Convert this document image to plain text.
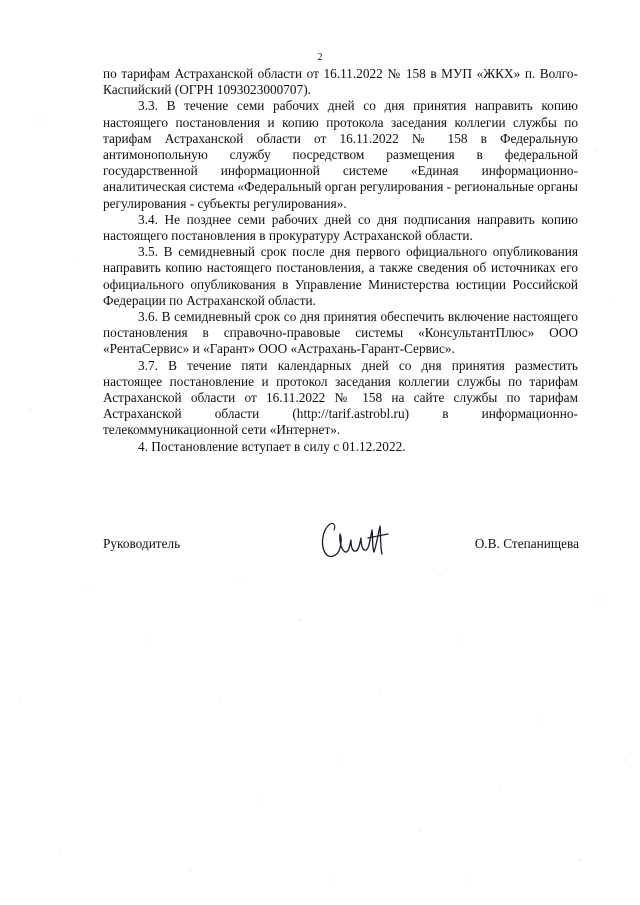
2

по тарифам Астраханской области от 16.11.2022 № 158 в МУП «ЖКХ» п. Волго-Каспийский (ОГРН 1093023000707).

3.3. В течение семи рабочих дней со дня принятия направить копию настоящего постановления и копию протокола заседания коллегии службы по тарифам Астраханской области от 16.11.2022 № 158 в Федеральную антимонопольную службу посредством размещения в федеральной государственной информационной системе «Единая информационно-аналитическая система «Федеральный орган регулирования - региональные органы регулирования - субъекты регулирования».

3.4. Не позднее семи рабочих дней со дня подписания направить копию настоящего постановления в прокуратуру Астраханской области.

3.5. В семидневный срок после дня первого официального опубликования направить копию настоящего постановления, а также сведения об источниках его официального опубликования в Управление Министерства юстиции Российской Федерации по Астраханской области.

3.6. В семидневный срок со дня принятия обеспечить включение настоящего постановления в справочно-правовые системы «КонсультантПлюс» ООО «РентаСервис» и «Гарант» ООО «Астрахань-Гарант-Сервис».

3.7. В течение пяти календарных дней со дня принятия разместить настоящее постановление и протокол заседания коллегии службы по тарифам Астраханской области от 16.11.2022 № 158 на сайте службы по тарифам Астраханской области (http://tarif.astrobl.ru) в информационно-телекоммуникационной сети «Интернет».

4. Постановление вступает в силу с 01.12.2022.

Руководитель	О.В. Степанищева
